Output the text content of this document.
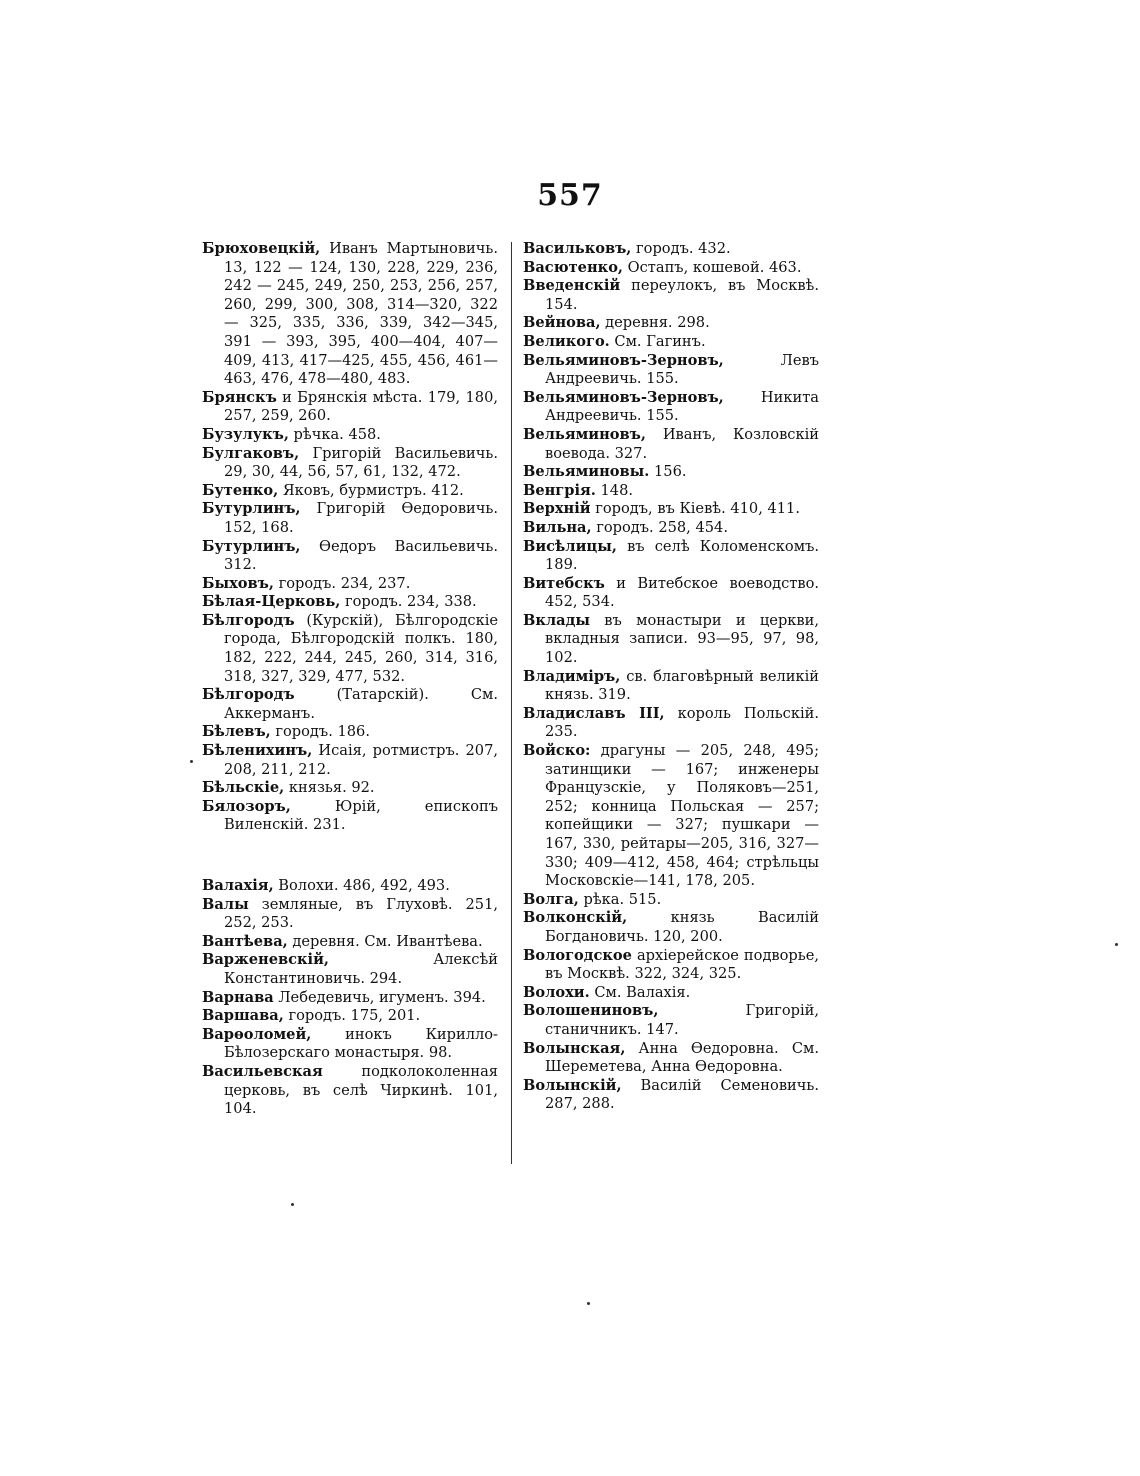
557

Брюховецкій, Иванъ Мартыновичь. 13, 122 — 124, 130, 228, 229, 236, 242 — 245, 249, 250, 253, 256, 257, 260, 299, 300, 308, 314—320, 322 — 325, 335, 336, 339, 342—345, 391 — 393, 395, 400—404, 407—409, 413, 417—425, 455, 456, 461—463, 476, 478—480, 483.

Брянскъ и Брянскія мѣста. 179, 180, 257, 259, 260.

Бузулукъ, рѣчка. 458.

Булгаковъ, Григорій Васильевичь. 29, 30, 44, 56, 57, 61, 132, 472.

Бутенко, Яковъ, бурмистръ. 412.

Бутурлинъ, Григорій Өедоровичь. 152, 168.

Бутурлинъ, Өедоръ Васильевичь. 312.

Быховъ, городъ. 234, 237.

Бѣлая-Церковь, городъ. 234, 338.

Бѣлгородъ (Курскій), Бѣлгородскіе города, Бѣлгородскій полкъ. 180, 182, 222, 244, 245, 260, 314, 316, 318, 327, 329, 477, 532.

Бѣлгородъ (Татарскій). См. Аккерманъ.

Бѣлевъ, городъ. 186.

Бѣленихинъ, Исаія, ротмистръ. 207, 208, 211, 212.

Бѣльскіе, князья. 92.

Бялозоръ, Юрій, епископъ Виленскій. 231.

Валахія, Волохи. 486, 492, 493.

Валы земляные, въ Глуховѣ. 251, 252, 253.

Вантѣева, деревня. См. Ивантѣева.

Варженевскій, Алексѣй Константиновичь. 294.

Варнава Лебедевичь, игуменъ. 394.

Варшава, городъ. 175, 201.

Варөоломей, инокъ Кирилло-Бѣлозерскаго монастыря. 98.

Васильевская подколоколенная церковь, въ селѣ Чиркинѣ. 101, 104.

Васильковъ, городъ. 432.

Васютенко, Остапъ, кошевой. 463.

Введенскій переулокъ, въ Москвѣ. 154.

Вейнова, деревня. 298.

Великого. См. Гагинъ.

Вельяминовъ-Зерновъ, Левъ Андреевичь. 155.

Вельяминовъ-Зерновъ, Никита Андреевичь. 155.

Вельяминовъ, Иванъ, Козловскій воевода. 327.

Вельяминовы. 156.

Венгрія. 148.

Верхній городъ, въ Кіевѣ. 410, 411.

Вильна, городъ. 258, 454.

Висѣлицы, въ селѣ Коломенскомъ. 189.

Витебскъ и Витебское воеводство. 452, 534.

Вклады въ монастыри и церкви, вкладныя записи. 93—95, 97, 98, 102.

Владиміръ, св. благовѣрный великій князь. 319.

Владиславъ III, король Польскій. 235.

Войско: драгуны — 205, 248, 495; затинщики — 167; инженеры Французскіе, у Поляковъ—251, 252; конница Польская — 257; копейщики — 327; пушкари — 167, 330, рейтары—205, 316, 327—330; 409—412, 458, 464; стрѣльцы Московскіе—141, 178, 205.

Волга, рѣка. 515.

Волконскій, князь Василій Богдановичь. 120, 200.

Вологодское архіерейское подворье, въ Москвѣ. 322, 324, 325.

Волохи. См. Валахія.

Волошениновъ, Григорій, станичникъ. 147.

Волынская, Анна Өедоровна. См. Шереметева, Анна Өедоровна.

Волынскій, Василій Семеновичь. 287, 288.
